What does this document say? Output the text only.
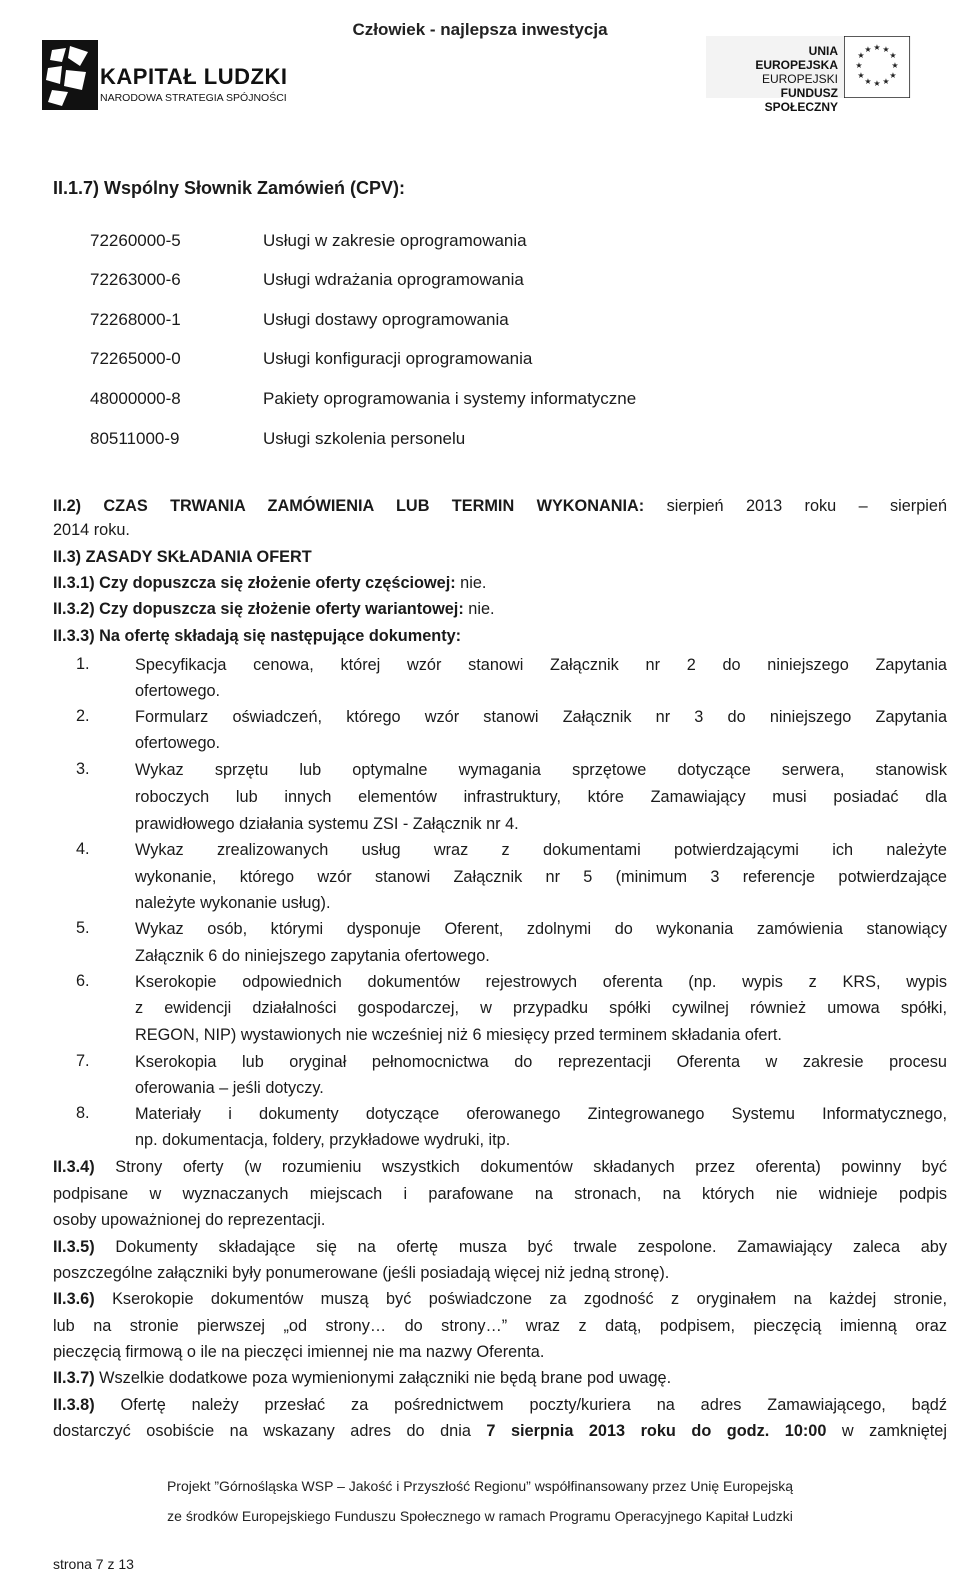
Człowiek - najlepsza inwestycja
KAPITAŁ LUDZKI
NARODOWA STRATEGIA SPÓJNOŚCI
UNIA EUROPEJSKA
EUROPEJSKI
FUNDUSZ SPOŁECZNY
★ ★
★
★
★
★
★
★
★
★
★
★
II.1.7) Wspólny Słownik Zamówień (CPV):
72260000-5	Usługi w zakresie oprogramowania
72263000-6	Usługi wdrażania oprogramowania
72268000-1	Usługi dostawy oprogramowania
72265000-0	Usługi konfiguracji oprogramowania
48000000-8	Pakiety oprogramowania i systemy informatyczne
80511000-9	Usługi szkolenia personelu
II.2) CZAS TRWANIA ZAMÓWIENIA LUB TERMIN WYKONANIA: sierpień 2013 roku – sierpień
2014 roku.
II.3) ZASADY SKŁADANIA OFERT
II.3.1) Czy dopuszcza się złożenie oferty częściowej: nie.
II.3.2) Czy dopuszcza się złożenie oferty wariantowej: nie.
II.3.3) Na ofertę składają się następujące dokumenty:
1.	Specyfikacja cenowa, której wzór stanowi Załącznik nr 2 do niniejszego Zapytania
ofertowego.
2.	Formularz oświadczeń, którego wzór stanowi Załącznik nr 3 do niniejszego Zapytania
ofertowego.
3.	Wykaz sprzętu lub optymalne wymagania sprzętowe dotyczące serwera, stanowisk
roboczych lub innych elementów infrastruktury, które Zamawiający musi posiadać dla
prawidłowego działania systemu ZSI - Załącznik nr 4.
4.	Wykaz zrealizowanych usług wraz z dokumentami potwierdzającymi ich należyte
wykonanie, którego wzór stanowi Załącznik nr 5 (minimum 3 referencje potwierdzające
należyte wykonanie usług).
5.	Wykaz osób, którymi dysponuje Oferent, zdolnymi do wykonania zamówienia stanowiący
Załącznik 6 do niniejszego zapytania ofertowego.
6.	Kserokopie odpowiednich dokumentów rejestrowych oferenta (np. wypis z KRS, wypis
z ewidencji działalności gospodarczej, w przypadku spółki cywilnej również umowa spółki,
REGON, NIP) wystawionych nie wcześniej niż 6 miesięcy przed terminem składania ofert.
7.	Kserokopia lub oryginał pełnomocnictwa do reprezentacji Oferenta w zakresie procesu
oferowania – jeśli dotyczy.
8.	Materiały i dokumenty dotyczące oferowanego Zintegrowanego Systemu Informatycznego,
np. dokumentacja, foldery, przykładowe wydruki, itp.
II.3.4) Strony oferty (w rozumieniu wszystkich dokumentów składanych przez oferenta) powinny być
podpisane w wyznaczanych miejscach i parafowane na stronach, na których nie widnieje podpis
osoby upoważnionej do reprezentacji.
II.3.5) Dokumenty składające się na ofertę musza być trwale zespolone. Zamawiający zaleca aby
poszczególne załączniki były ponumerowane (jeśli posiadają więcej niż jedną stronę).
II.3.6) Kserokopie dokumentów muszą być poświadczone za zgodność z oryginałem na każdej stronie,
lub na stronie pierwszej „od strony… do strony…” wraz z datą, podpisem, pieczęcią imienną oraz
pieczęcią firmową o ile na pieczęci imiennej nie ma nazwy Oferenta.
II.3.7) Wszelkie dodatkowe poza wymienionymi załączniki nie będą brane pod uwagę.
II.3.8) Ofertę należy przesłać za pośrednictwem poczty/kuriera na adres Zamawiającego, bądź
dostarczyć osobiście na wskazany adres do dnia 7 sierpnia 2013 roku do godz. 10:00 w zamkniętej
Projekt ”Górnośląska WSP – Jakość i Przyszłość Regionu” współfinansowany przez Unię Europejską
ze środków Europejskiego Funduszu Społecznego w ramach Programu Operacyjnego Kapitał Ludzki
strona 7 z 13
